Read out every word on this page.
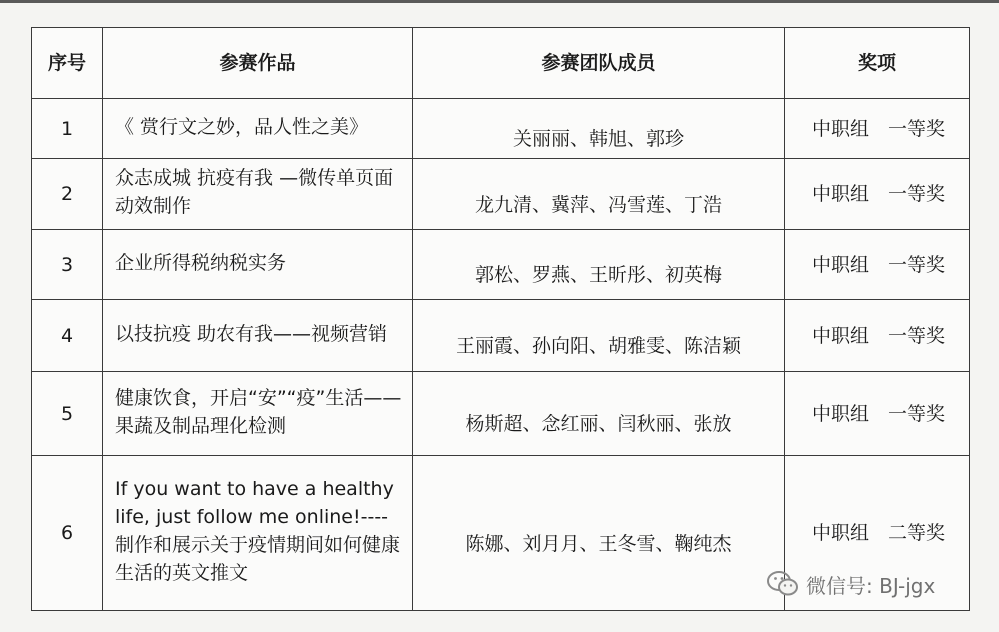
序号	参赛作品	参赛团队成员	奖项
1	《 赏行文之妙，品人性之美》	关丽丽、韩旭、郭珍	中职组　一等奖
2	众志成城 抗疫有我 —微传单页面动效制作	龙九清、冀萍、冯雪莲、丁浩	中职组　一等奖
3	企业所得税纳税实务	郭松、罗燕、王昕彤、初英梅	中职组　一等奖
4	以技抗疫 助农有我——视频营销	王丽霞、孙向阳、胡雅雯、陈洁颖	中职组　一等奖
5	健康饮食，开启“安”“疫”生活——果蔬及制品理化检测	杨斯超、念红丽、闫秋丽、张放	中职组　一等奖
6	If you want to have a healthy life, just follow me online!----制作和展示关于疫情期间如何健康生活的英文推文	陈娜、刘月月、王冬雪、鞠纯杰	中职组　二等奖
微信号: BJ-jgx
